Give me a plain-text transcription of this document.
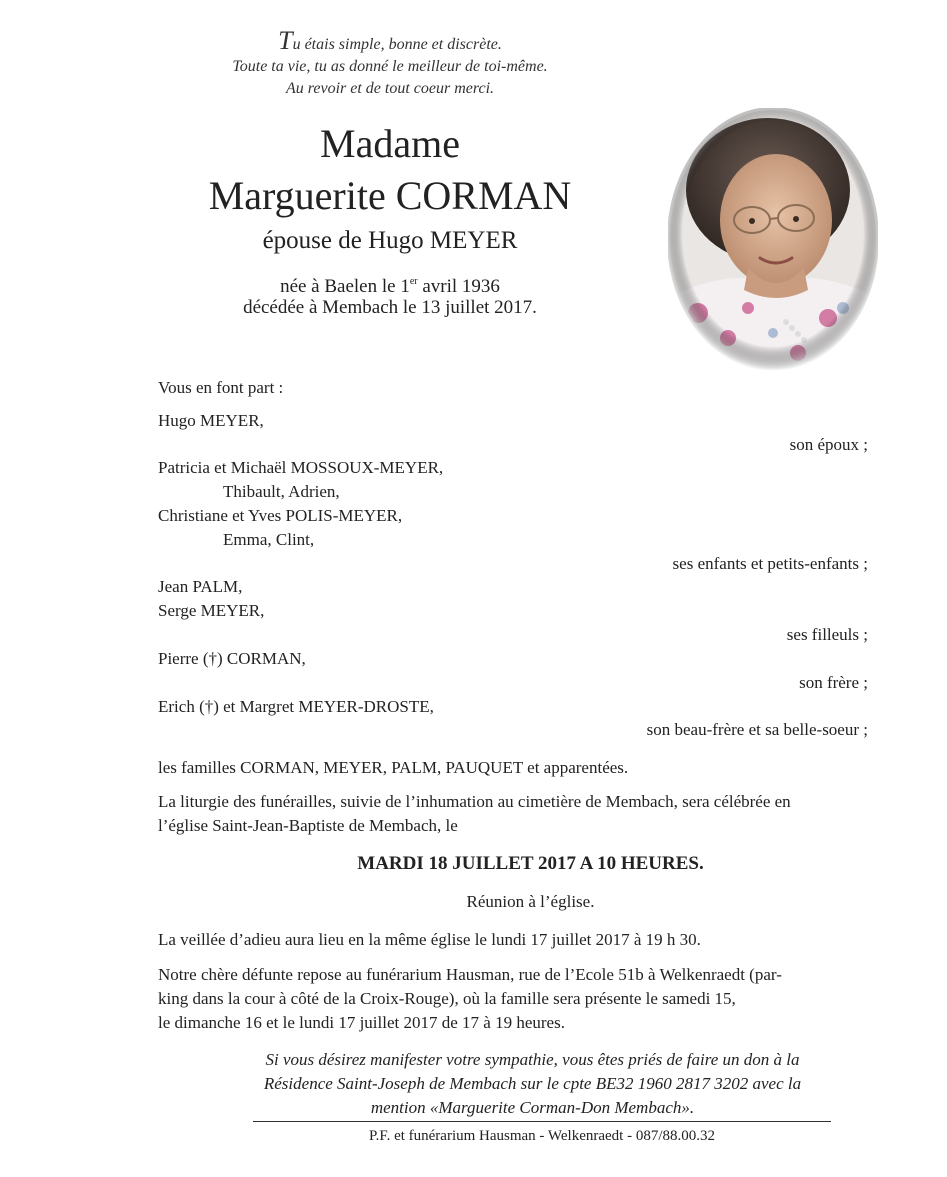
Tu étais simple, bonne et discrète.
Toute ta vie, tu as donné le meilleur de toi-même.
Au revoir et de tout coeur merci.
Madame
Marguerite CORMAN
épouse de Hugo MEYER
née à Baelen le 1er avril 1936
décédée à Membach le 13 juillet 2017.
Vous en font part :
Hugo MEYER,
son époux ;
Patricia et Michaël MOSSOUX-MEYER,
Thibault, Adrien,
Christiane et Yves POLIS-MEYER,
Emma, Clint,
ses enfants et petits-enfants ;
Jean PALM,
Serge MEYER,
ses filleuls ;
Pierre (†) CORMAN,
son frère ;
Erich (†) et Margret MEYER-DROSTE,
son beau-frère et sa belle-soeur ;
les familles CORMAN, MEYER, PALM, PAUQUET et apparentées.
La liturgie des funérailles, suivie de l’inhumation au cimetière de Membach, sera célébrée en
l’église Saint-Jean-Baptiste de Membach, le
MARDI 18 JUILLET 2017 A 10 HEURES.
Réunion à l’église.
La veillée d’adieu aura lieu en la même église le lundi 17 juillet 2017 à 19 h 30.
Notre chère défunte repose au funérarium Hausman, rue de l’Ecole 51b à Welkenraedt (par-
king dans la cour à côté de la Croix-Rouge), où la famille sera présente le samedi 15,
le dimanche 16 et le lundi 17 juillet 2017 de 17 à 19 heures.
Si vous désirez manifester votre sympathie, vous êtes priés de faire un don à la
Résidence Saint-Joseph de Membach sur le cpte BE32 1960 2817 3202 avec la
mention «Marguerite Corman-Don Membach».
P.F. et funérarium Hausman - Welkenraedt - 087/88.00.32
